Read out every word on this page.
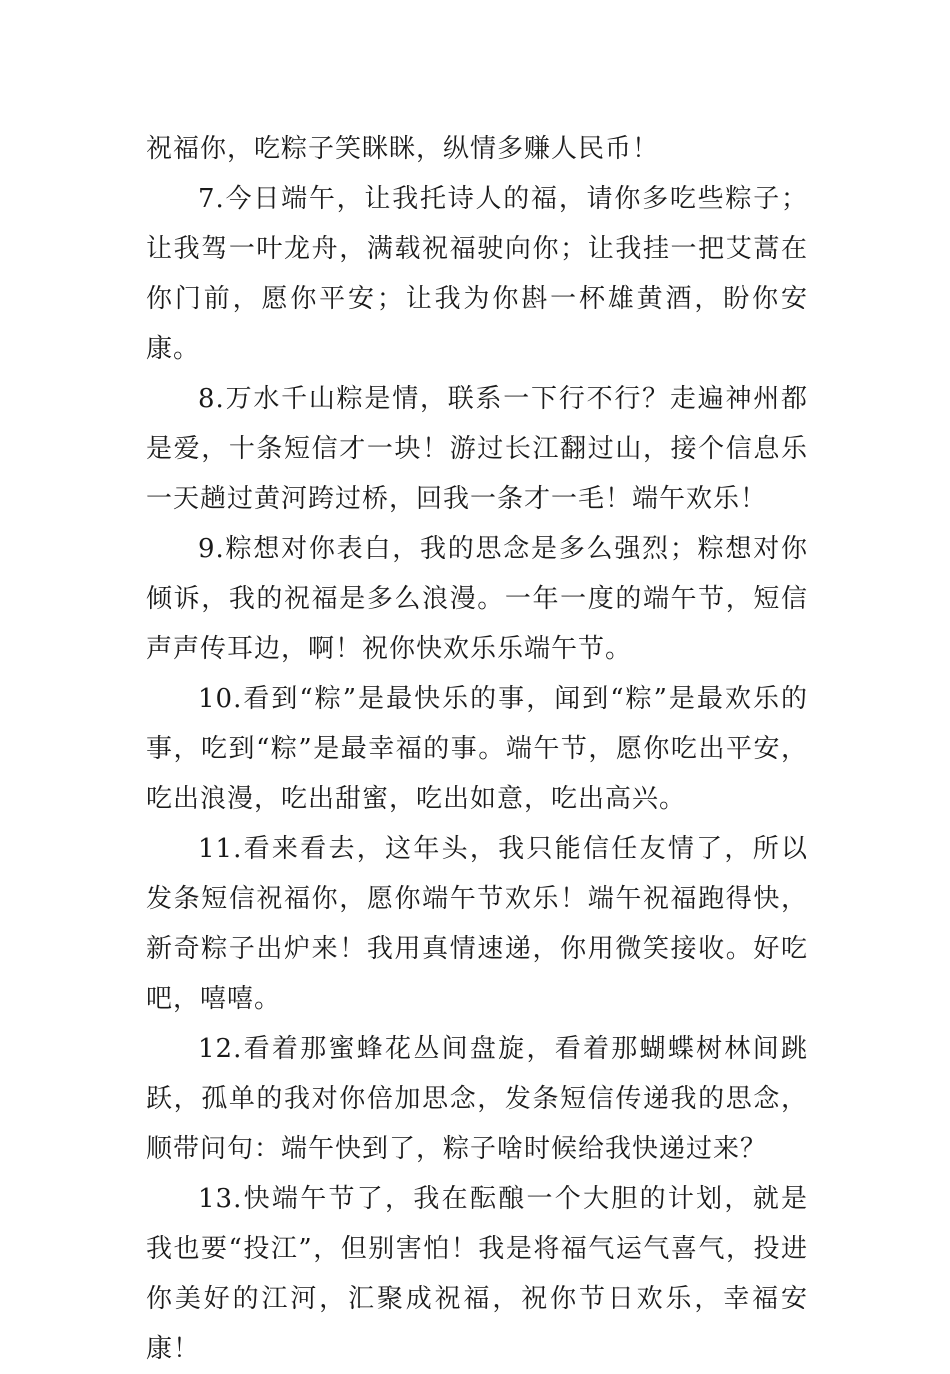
祝福你，吃粽子笑眯眯，纵情多赚人民币！

7.今日端午，让我托诗人的福，请你多吃些粽子；让我驾一叶龙舟，满载祝福驶向你；让我挂一把艾蒿在你门前，愿你平安；让我为你斟一杯雄黄酒，盼你安康。

8.万水千山粽是情，联系一下行不行？走遍神州都是爱，十条短信才一块！游过长江翻过山，接个信息乐一天趟过黄河跨过桥，回我一条才一毛！端午欢乐！

9.粽想对你表白，我的思念是多么强烈；粽想对你倾诉，我的祝福是多么浪漫。一年一度的端午节，短信声声传耳边，啊！祝你快欢乐乐端午节。

10.看到“粽”是最快乐的事，闻到“粽”是最欢乐的事，吃到“粽”是最幸福的事。端午节，愿你吃出平安，吃出浪漫，吃出甜蜜，吃出如意，吃出高兴。

11.看来看去，这年头，我只能信任友情了，所以发条短信祝福你，愿你端午节欢乐！端午祝福跑得快，新奇粽子出炉来！我用真情速递，你用微笑接收。好吃吧，嘻嘻。

12.看着那蜜蜂花丛间盘旋，看着那蝴蝶树林间跳跃，孤单的我对你倍加思念，发条短信传递我的思念，顺带问句：端午快到了，粽子啥时候给我快递过来？

13.快端午节了，我在酝酿一个大胆的计划，就是我也要“投江”，但别害怕！我是将福气运气喜气，投进你美好的江河，汇聚成祝福，祝你节日欢乐，幸福安康！
